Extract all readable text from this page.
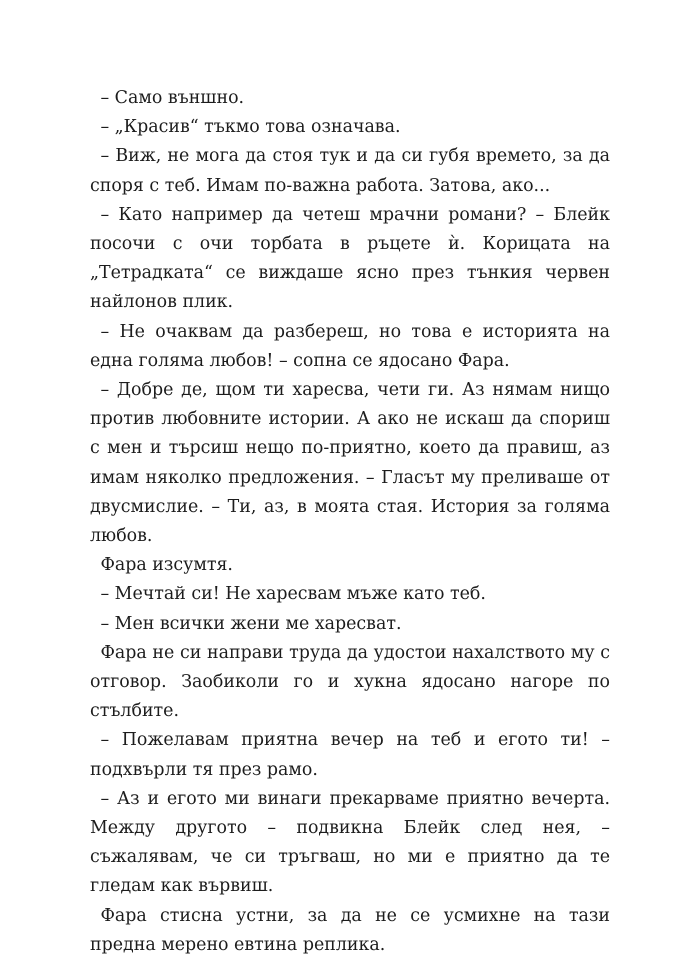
– Само външно.

– „Красив“ тъкмо това означава.

– Виж, не мога да стоя тук и да си губя времето, за да споря с теб. Имам по-важна работа. Затова, ако...

– Като например да четеш мрачни романи? – Блейк посочи с очи торбата в ръцете ѝ. Корицата на „Тетрадката“ се виждаше ясно през тънкия червен найлонов плик.

– Не очаквам да разбереш, но това е историята на една голяма любов! – сопна се ядосано Фара.

– Добре де, щом ти харесва, чети ги. Аз нямам нищо против любовните истории. А ако не искаш да спориш с мен и търсиш нещо по-приятно, което да правиш, аз имам няколко предложения. – Гласът му преливаше от двусмислие. – Ти, аз, в моята стая. История за голяма любов.

Фара изсумтя.

– Мечтай си! Не харесвам мъже като теб.

– Мен всички жени ме харесват.

Фара не си направи труда да удостои нахалството му с отговор. Заобиколи го и хукна ядосано нагоре по стълбите.

– Пожелавам приятна вечер на теб и егото ти! – подхвърли тя през рамо.

– Аз и егото ми винаги прекарваме приятно вечерта. Между другото – подвикна Блейк след нея, – съжалявам, че си тръгваш, но ми е приятно да те гледам как вървиш.

Фара стисна устни, за да не се усмихне на тази предна мерено евтина реплика.
